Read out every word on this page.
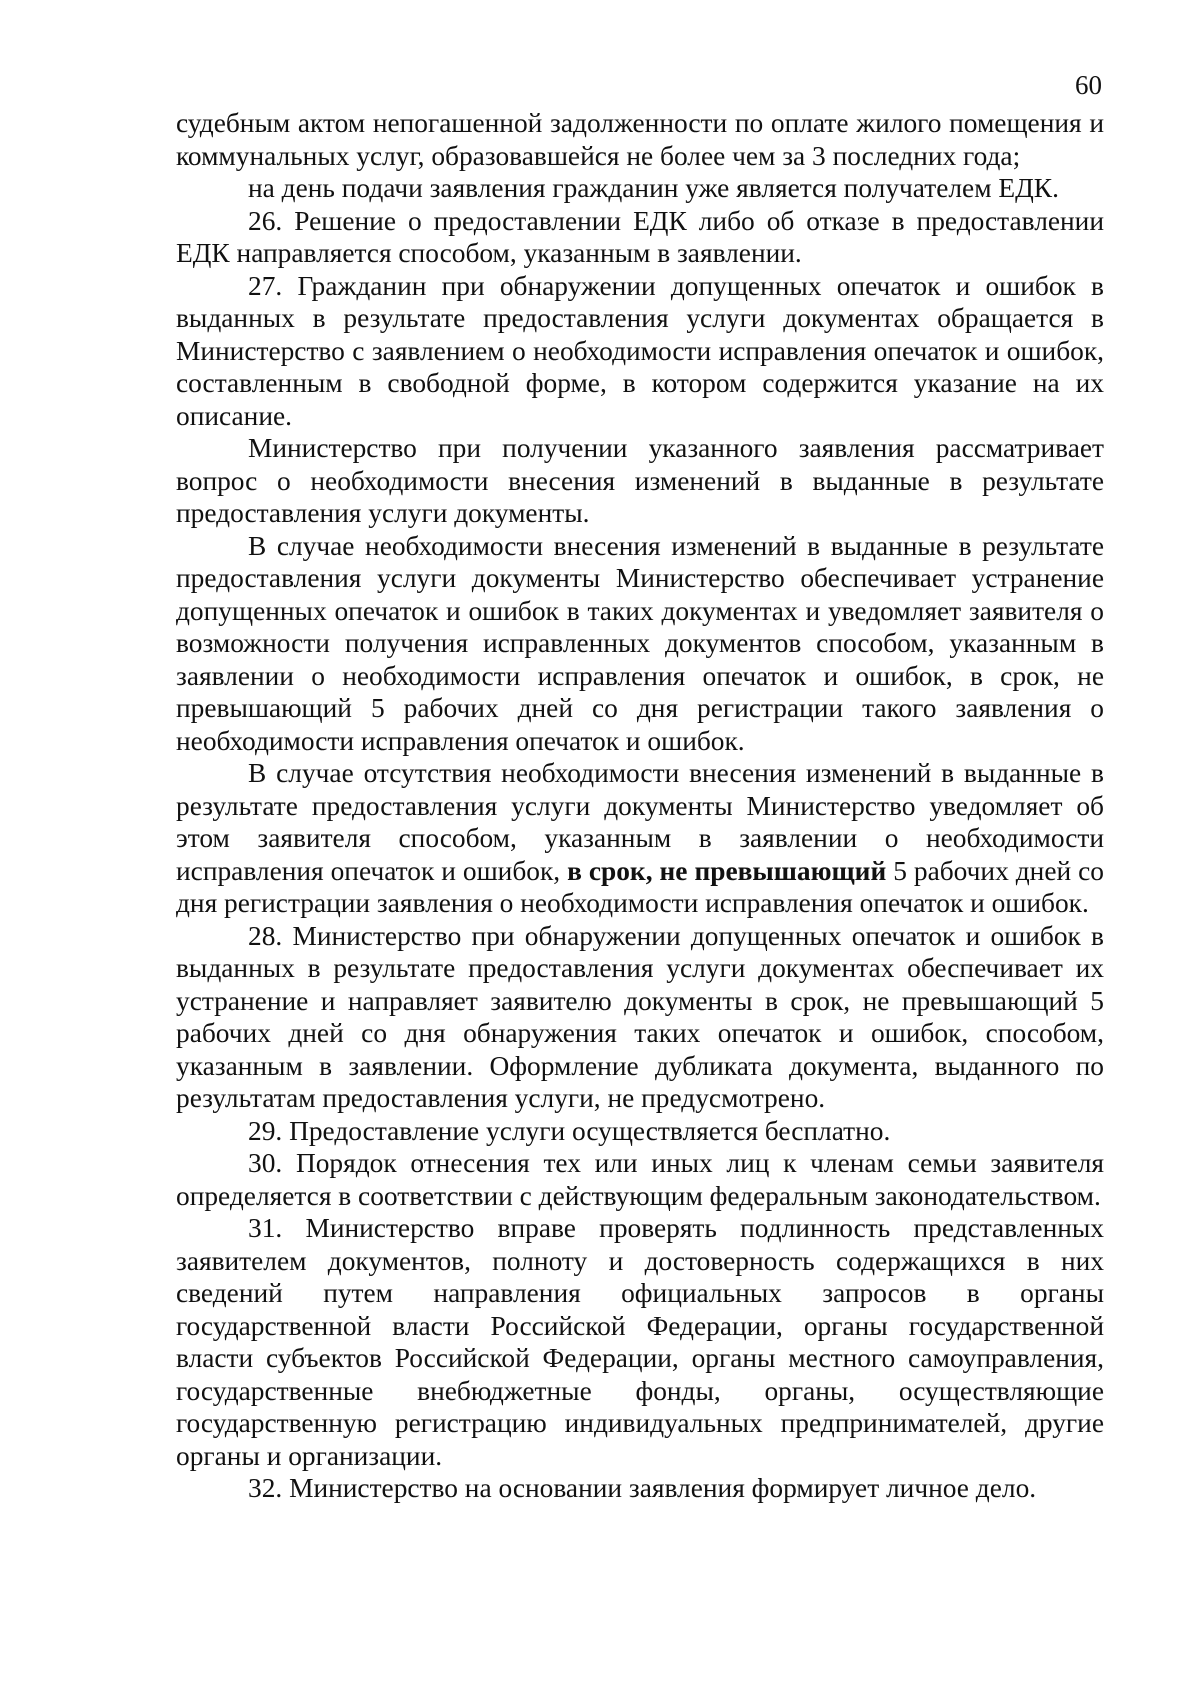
60

судебным актом непогашенной задолженности по оплате жилого помещения и коммунальных услуг, образовавшейся не более чем за 3 последних года;

на день подачи заявления гражданин уже является получателем ЕДК.

26. Решение о предоставлении ЕДК либо об отказе в предоставлении ЕДК направляется способом, указанным в заявлении.

27. Гражданин при обнаружении допущенных опечаток и ошибок в выданных в результате предоставления услуги документах обращается в Министерство с заявлением о необходимости исправления опечаток и ошибок, составленным в свободной форме, в котором содержится указание на их описание.

Министерство при получении указанного заявления рассматривает вопрос о необходимости внесения изменений в выданные в результате предоставления услуги документы.

В случае необходимости внесения изменений в выданные в результате предоставления услуги документы Министерство обеспечивает устранение допущенных опечаток и ошибок в таких документах и уведомляет заявителя о возможности получения исправленных документов способом, указанным в заявлении о необходимости исправления опечаток и ошибок, в срок, не превышающий 5 рабочих дней со дня регистрации такого заявления о необходимости исправления опечаток и ошибок.

В случае отсутствия необходимости внесения изменений в выданные в результате предоставления услуги документы Министерство уведомляет об этом заявителя способом, указанным в заявлении о необходимости исправления опечаток и ошибок, в срок, не превышающий 5 рабочих дней со дня регистрации заявления о необходимости исправления опечаток и ошибок.

28. Министерство при обнаружении допущенных опечаток и ошибок в выданных в результате предоставления услуги документах обеспечивает их устранение и направляет заявителю документы в срок, не превышающий 5 рабочих дней со дня обнаружения таких опечаток и ошибок, способом, указанным в заявлении. Оформление дубликата документа, выданного по результатам предоставления услуги, не предусмотрено.

29. Предоставление услуги осуществляется бесплатно.

30. Порядок отнесения тех или иных лиц к членам семьи заявителя определяется в соответствии с действующим федеральным законодательством.

31. Министерство вправе проверять подлинность представленных заявителем документов, полноту и достоверность содержащихся в них сведений путем направления официальных запросов в органы государственной власти Российской Федерации, органы государственной власти субъектов Российской Федерации, органы местного самоуправления, государственные внебюджетные фонды, органы, осуществляющие государственную регистрацию индивидуальных предпринимателей, другие органы и организации.

32. Министерство на основании заявления формирует личное дело.
